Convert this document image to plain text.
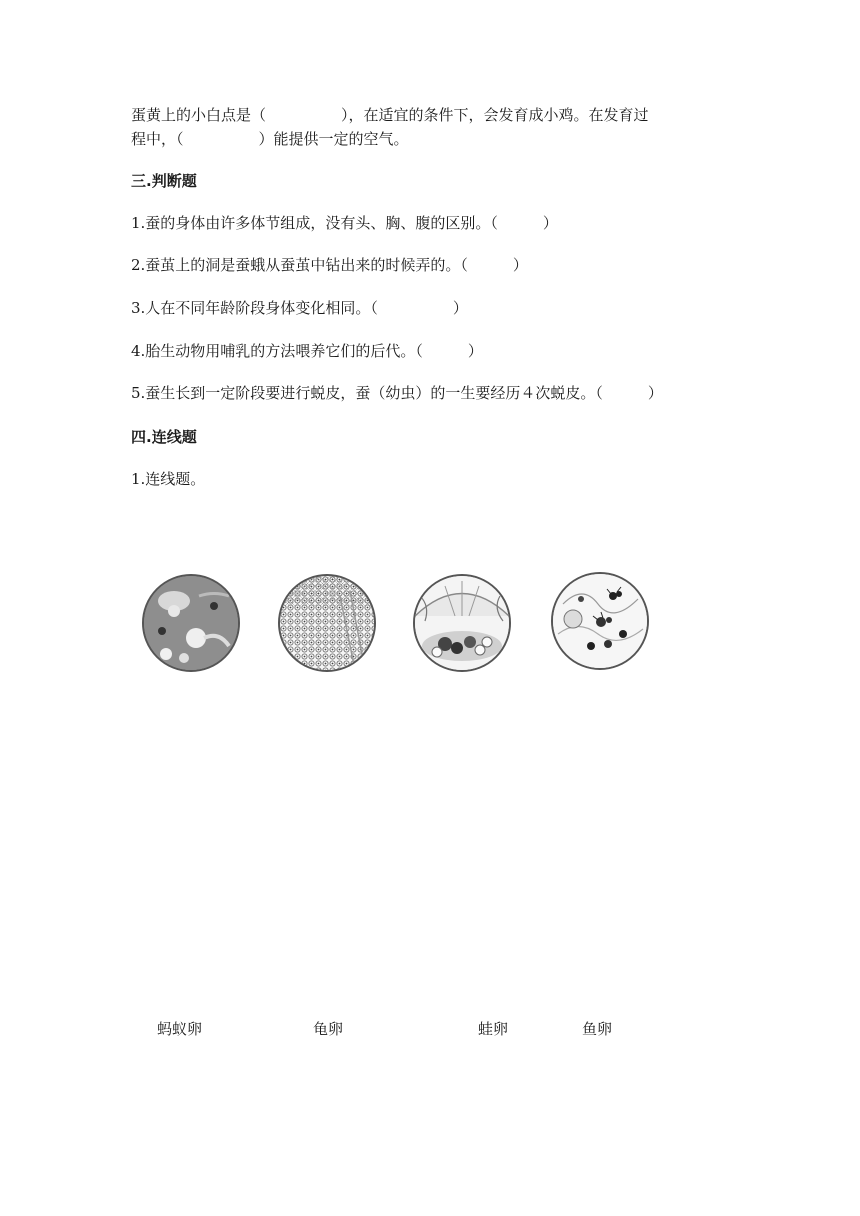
蛋黄上的小白点是（　　　　　），在适宜的条件下，会发育成小鸡。在发育过
程中，（　　　　　）能提供一定的空气。
三.判断题
1.蚕的身体由许多体节组成，没有头、胸、腹的区别。（　　　）
2.蚕茧上的洞是蚕蛾从蚕茧中钻出来的时候弄的。（　　　）
3.人在不同年龄阶段身体变化相同。（　　　　　）
4.胎生动物用哺乳的方法喂养它们的后代。（　　　）
5.蚕生长到一定阶段要进行蜕皮，蚕（幼虫）的一生要经历４次蜕皮。（　　　）
四.连线题
1.连线题。
蚂蚁卵	龟卵	蛙卵	鱼卵
